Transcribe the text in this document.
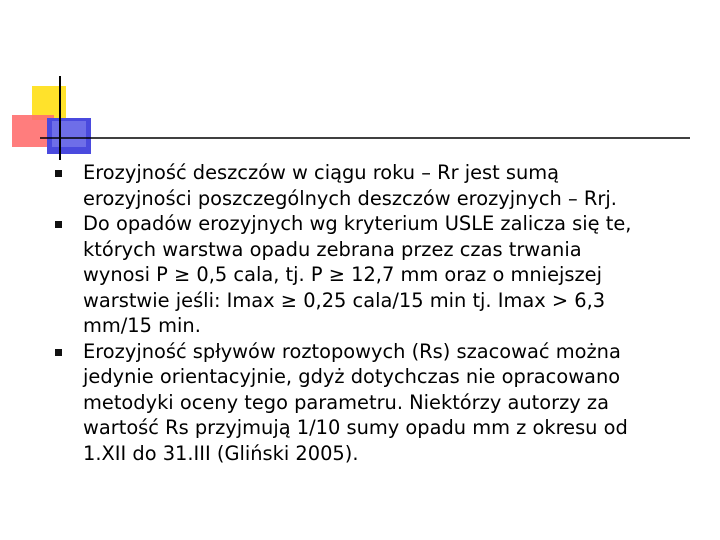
Erozyjność deszczów w ciągu roku – Rr jest sumą
erozyjności poszczególnych deszczów erozyjnych – Rrj.
Do opadów erozyjnych wg kryterium USLE zalicza się te,
których warstwa opadu zebrana przez czas trwania
wynosi P ≥ 0,5 cala, tj. P ≥ 12,7 mm oraz o mniejszej
warstwie jeśli: Imax ≥ 0,25 cala/15 min tj. Imax > 6,3
mm/15 min.
Erozyjność spływów roztopowych (Rs) szacować można
jedynie orientacyjnie, gdyż dotychczas nie opracowano
metodyki oceny tego parametru. Niektórzy autorzy za
wartość Rs przyjmują 1/10 sumy opadu mm z okresu od
1.XII do 31.III (Gliński 2005).
